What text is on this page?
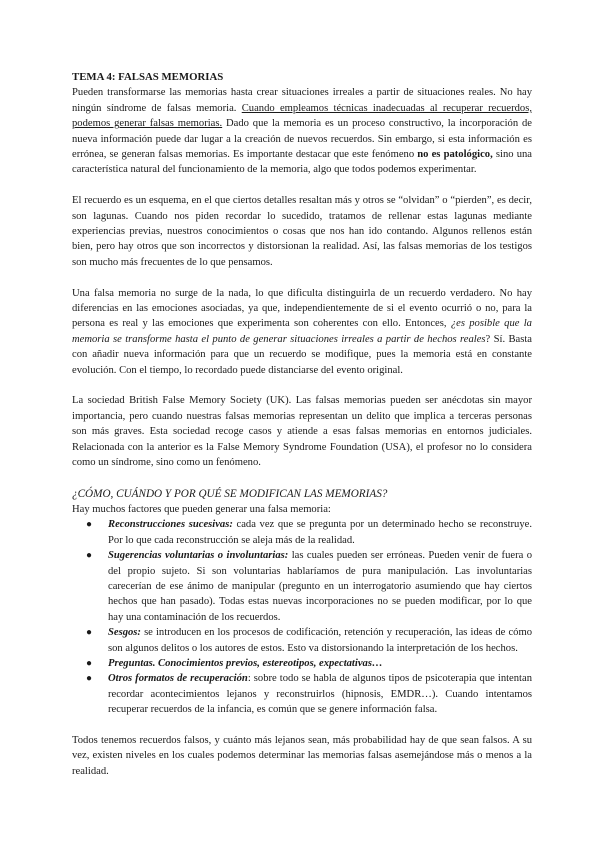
TEMA 4: FALSAS MEMORIAS

Pueden transformarse las memorias hasta crear situaciones irreales a partir de situaciones reales. No hay ningún síndrome de falsas memoria. Cuando empleamos técnicas inadecuadas al recuperar recuerdos, podemos generar falsas memorias. Dado que la memoria es un proceso constructivo, la incorporación de nueva información puede dar lugar a la creación de nuevos recuerdos. Sin embargo, si esta información es errónea, se generan falsas memorias. Es importante destacar que este fenómeno no es patológico, sino una característica natural del funcionamiento de la memoria, algo que todos podemos experimentar.

El recuerdo es un esquema, en el que ciertos detalles resaltan más y otros se “olvidan” o “pierden”, es decir, son lagunas. Cuando nos piden recordar lo sucedido, tratamos de rellenar estas lagunas mediante experiencias previas, nuestros conocimientos o cosas que nos han ido contando. Algunos rellenos están bien, pero hay otros que son incorrectos y distorsionan la realidad. Así, las falsas memorias de los testigos son mucho más frecuentes de lo que pensamos.

Una falsa memoria no surge de la nada, lo que dificulta distinguirla de un recuerdo verdadero. No hay diferencias en las emociones asociadas, ya que, independientemente de si el evento ocurrió o no, para la persona es real y las emociones que experimenta son coherentes con ello. Entonces, ¿es posible que la memoria se transforme hasta el punto de generar situaciones irreales a partir de hechos reales? Sí. Basta con añadir nueva información para que un recuerdo se modifique, pues la memoria está en constante evolución. Con el tiempo, lo recordado puede distanciarse del evento original.

La sociedad British False Memory Society (UK). Las falsas memorias pueden ser anécdotas sin mayor importancia, pero cuando nuestras falsas memorias representan un delito que implica a terceras personas son más graves. Esta sociedad recoge casos y atiende a esas falsas memorias en entornos judiciales. Relacionada con la anterior es la False Memory Syndrome Foundation (USA), el profesor no lo considera como un síndrome, sino como un fenómeno.

¿CÓMO, CUÁNDO Y POR QUÉ SE MODIFICAN LAS MEMORIAS?

Hay muchos factores que pueden generar una falsa memoria:

● Reconstrucciones sucesivas: cada vez que se pregunta por un determinado hecho se reconstruye. Por lo que cada reconstrucción se aleja más de la realidad.
● Sugerencias voluntarias o involuntarias: las cuales pueden ser erróneas. Pueden venir de fuera o del propio sujeto. Si son voluntarias hablaríamos de pura manipulación. Las involuntarias carecerían de ese ánimo de manipular (pregunto en un interrogatorio asumiendo que hay ciertos hechos que han pasado). Todas estas nuevas incorporaciones no se pueden modificar, por lo que hay una contaminación de los recuerdos.
● Sesgos: se introducen en los procesos de codificación, retención y recuperación, las ideas de cómo son algunos delitos o los autores de estos. Esto va distorsionando la interpretación de los hechos.
● Preguntas. Conocimientos previos, estereotipos, expectativas…
● Otros formatos de recuperación: sobre todo se habla de algunos tipos de psicoterapia que intentan recordar acontecimientos lejanos y reconstruirlos (hipnosis, EMDR…). Cuando intentamos recuperar recuerdos de la infancia, es común que se genere información falsa.

Todos tenemos recuerdos falsos, y cuánto más lejanos sean, más probabilidad hay de que sean falsos. A su vez, existen niveles en los cuales podemos determinar las memorias falsas asemejándose más o menos a la realidad.
